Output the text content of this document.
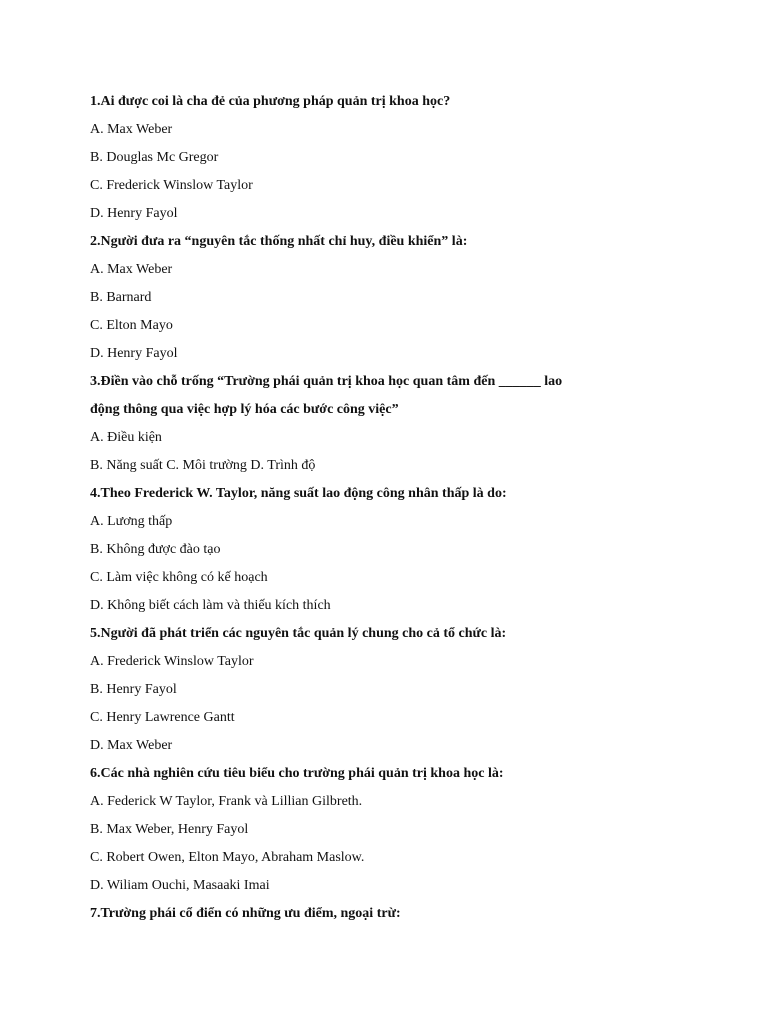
1.Ai được coi là cha đẻ của phương pháp quản trị khoa học?
A. Max Weber
B. Douglas Mc Gregor
C. Frederick Winslow Taylor
D. Henry Fayol
2.Người đưa ra “nguyên tắc thống nhất chỉ huy, điều khiển” là:
A. Max Weber
B. Barnard
C. Elton Mayo
D. Henry Fayol
3.Điền vào chỗ trống “Trường phái quản trị khoa học quan tâm đến ______ lao
động thông qua việc hợp lý hóa các bước công việc”
A. Điều kiện
B. Năng suất C. Môi trường D. Trình độ
4.Theo Frederick W. Taylor, năng suất lao động công nhân thấp là do:
A. Lương thấp
B. Không được đào tạo
C. Làm việc không có kế hoạch
D. Không biết cách làm và thiếu kích thích
5.Người đã phát triển các nguyên tắc quản lý chung cho cả tổ chức là:
A. Frederick Winslow Taylor
B. Henry Fayol
C. Henry Lawrence Gantt
D. Max Weber
6.Các nhà nghiên cứu tiêu biểu cho trường phái quản trị khoa học là:
A. Federick W Taylor, Frank và Lillian Gilbreth.
B. Max Weber, Henry Fayol
C. Robert Owen, Elton Mayo, Abraham Maslow.
D. Wiliam Ouchi, Masaaki Imai
7.Trường phái cổ điển có những ưu điểm, ngoại trừ:
